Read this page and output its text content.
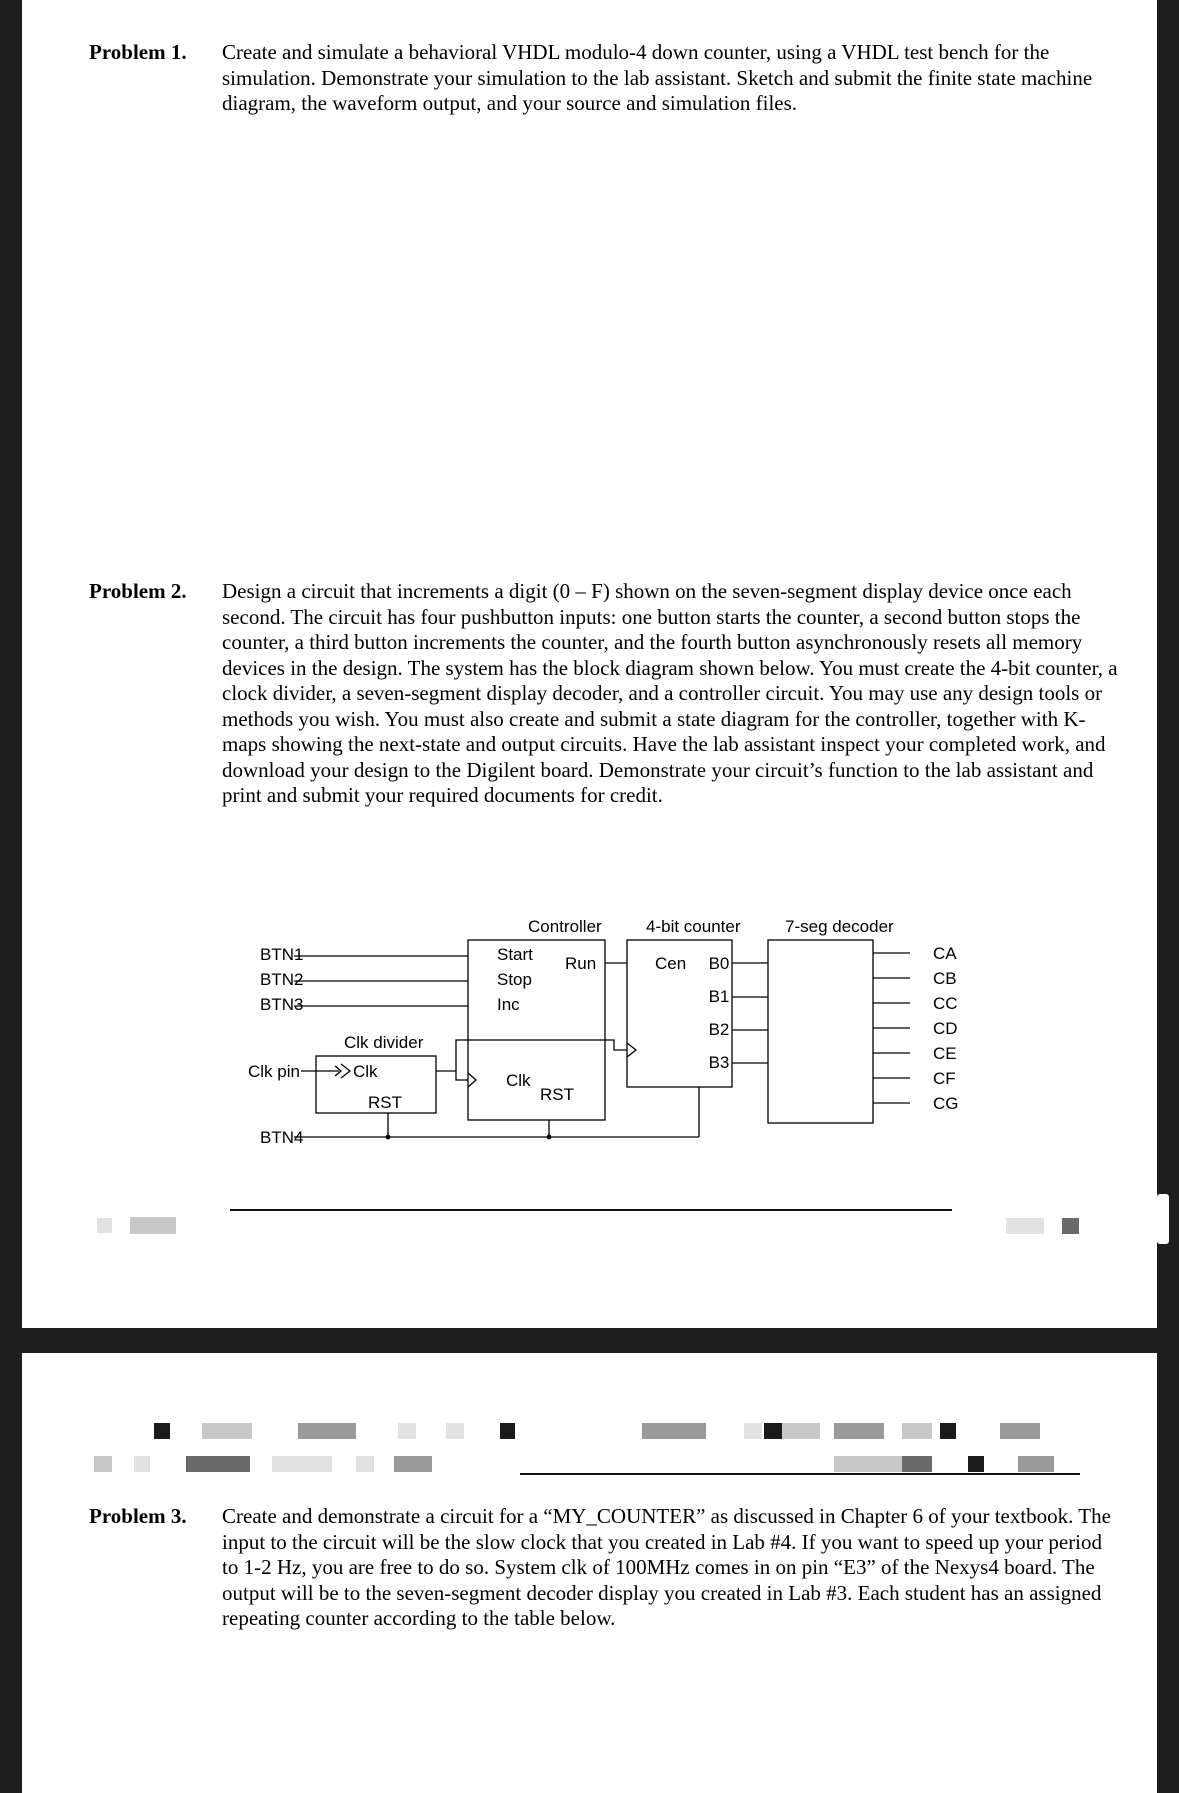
Problem 1. Create and simulate a behavioral VHDL modulo-4 down counter, using a VHDL test bench for the simulation. Demonstrate your simulation to the lab assistant. Sketch and submit the finite state machine diagram, the waveform output, and your source and simulation files.
Problem 2. Design a circuit that increments a digit (0 – F) shown on the seven-segment display device once each second. The circuit has four pushbutton inputs: one button starts the counter, a second button stops the counter, a third button increments the counter, and the fourth button asynchronously resets all memory devices in the design. The system has the block diagram shown below. You must create the 4-bit counter, a clock divider, a seven-segment display decoder, and a controller circuit. You may use any design tools or methods you wish. You must also create and submit a state diagram for the controller, together with K-maps showing the next-state and output circuits. Have the lab assistant inspect your completed work, and download your design to the Digilent board. Demonstrate your circuit’s function to the lab assistant and print and submit your required documents for credit.
Controller	4-bit counter	7-seg decoder
Clk divider
BTN1
BTN2
BTN3
BTN4
Clk pin
Start
Stop
Inc
Run
Clk
RST
Clk
RST
Cen B0
B1
B2
B3
CA
CB
CC
CD
CE
CF
CG
Problem 3. Create and demonstrate a circuit for a “MY_COUNTER” as discussed in Chapter 6 of your textbook. The input to the circuit will be the slow clock that you created in Lab #4. If you want to speed up your period to 1-2 Hz, you are free to do so. System clk of 100MHz comes in on pin “E3” of the Nexys4 board. The output will be to the seven-segment decoder display you created in Lab #3. Each student has an assigned repeating counter according to the table below.
